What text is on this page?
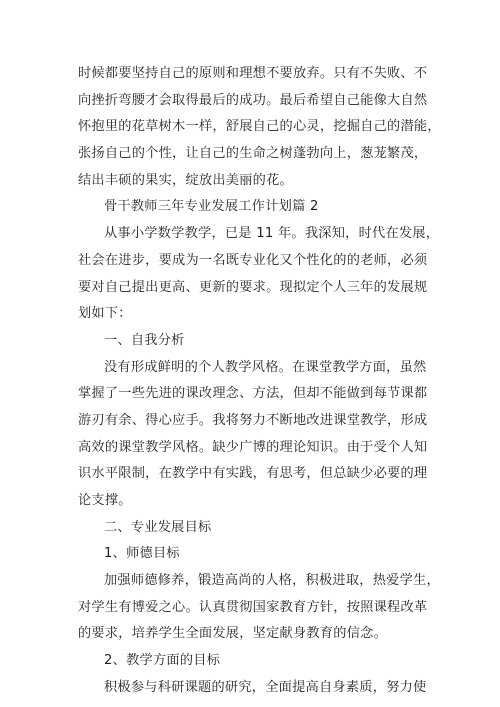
时候都要坚持自己的原则和理想不要放弃。只有不失败、不
向挫折弯腰才会取得最后的成功。最后希望自己能像大自然
怀抱里的花草树木一样，舒展自己的心灵，挖掘自己的潜能，
张扬自己的个性，让自己的生命之树蓬勃向上，葱茏繁茂，
结出丰硕的果实，绽放出美丽的花。
骨干教师三年专业发展工作计划篇 2
从事小学数学教学，已是 11 年。我深知，时代在发展，
社会在进步，要成为一名既专业化又个性化的的老师，必须
要对自己提出更高、更新的要求。现拟定个人三年的发展规
划如下：
一、自我分析
没有形成鲜明的个人教学风格。在课堂教学方面，虽然
掌握了一些先进的课改理念、方法，但却不能做到每节课都
游刃有余、得心应手。我将努力不断地改进课堂教学，形成
高效的课堂教学风格。缺少广博的理论知识。由于受个人知
识水平限制，在教学中有实践，有思考，但总缺少必要的理
论支撑。
二、专业发展目标
1、师德目标
加强师德修养，锻造高尚的人格，积极进取，热爱学生，
对学生有博爱之心。认真贯彻国家教育方针，按照课程改革
的要求，培养学生全面发展，坚定献身教育的信念。
2、教学方面的目标
积极参与科研课题的研究，全面提高自身素质，努力使
